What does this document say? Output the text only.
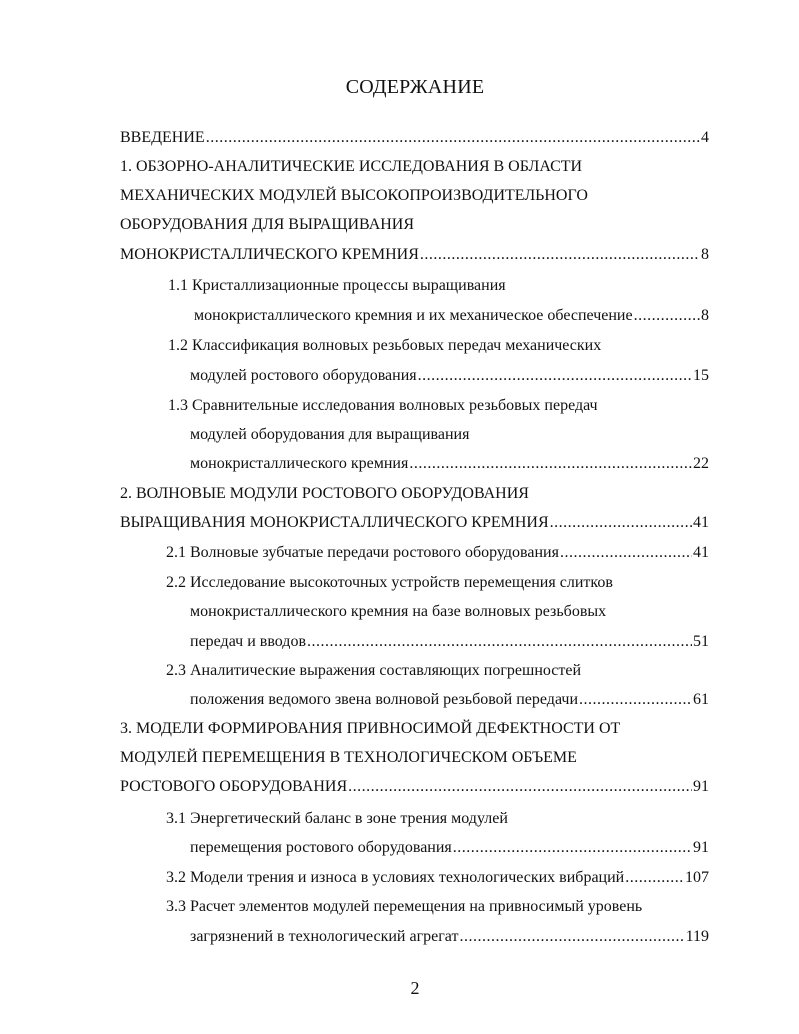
СОДЕРЖАНИЕ
ВВЕДЕНИЕ .....	4
1. ОБЗОРНО-АНАЛИТИЧЕСКИЕ ИССЛЕДОВАНИЯ В ОБЛАСТИ
МЕХАНИЧЕСКИХ МОДУЛЕЙ ВЫСОКОПРОИЗВОДИТЕЛЬНОГО
ОБОРУДОВАНИЯ ДЛЯ ВЫРАЩИВАНИЯ
МОНОКРИСТАЛЛИЧЕСКОГО КРЕМНИЯ .....	8
1.1 Кристаллизационные процессы выращивания
монокристаллического кремния и их механическое обеспечение .....	8
1.2 Классификация волновых резьбовых передач механических
модулей ростового оборудования .....	15
1.3 Сравнительные исследования волновых резьбовых передач
модулей оборудования для выращивания
монокристаллического кремния .....	22
2. ВОЛНОВЫЕ МОДУЛИ РОСТОВОГО ОБОРУДОВАНИЯ
ВЫРАЩИВАНИЯ МОНОКРИСТАЛЛИЧЕСКОГО КРЕМНИЯ .....	41
2.1 Волновые зубчатые передачи ростового оборудования .....	41
2.2 Исследование высокоточных устройств перемещения слитков
монокристаллического кремния на базе волновых резьбовых
передач и вводов .....	51
2.3 Аналитические выражения составляющих погрешностей
положения ведомого звена волновой резьбовой передачи .....	61
3. МОДЕЛИ ФОРМИРОВАНИЯ ПРИВНОСИМОЙ ДЕФЕКТНОСТИ ОТ
МОДУЛЕЙ ПЕРЕМЕЩЕНИЯ В ТЕХНОЛОГИЧЕСКОМ ОБЪЕМЕ
РОСТОВОГО ОБОРУДОВАНИЯ .....	91
3.1 Энергетический баланс в зоне трения модулей
перемещения ростового оборудования .....	91
3.2 Модели трения и износа в условиях технологических вибраций .....	107
3.3 Расчет элементов модулей перемещения на привносимый уровень
загрязнений в технологический агрегат .....	119
2
